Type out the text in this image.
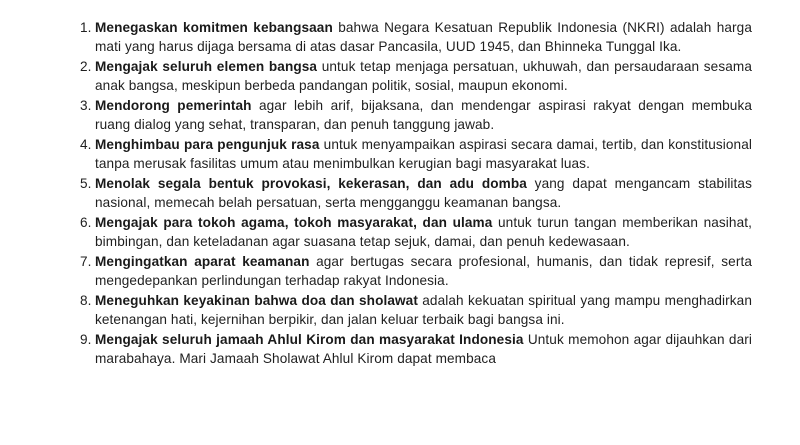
1. Menegaskan komitmen kebangsaan bahwa Negara Kesatuan Republik Indonesia (NKRI) adalah harga mati yang harus dijaga bersama di atas dasar Pancasila, UUD 1945, dan Bhinneka Tunggal Ika.
2. Mengajak seluruh elemen bangsa untuk tetap menjaga persatuan, ukhuwah, dan persaudaraan sesama anak bangsa, meskipun berbeda pandangan politik, sosial, maupun ekonomi.
3. Mendorong pemerintah agar lebih arif, bijaksana, dan mendengar aspirasi rakyat dengan membuka ruang dialog yang sehat, transparan, dan penuh tanggung jawab.
4. Menghimbau para pengunjuk rasa untuk menyampaikan aspirasi secara damai, tertib, dan konstitusional tanpa merusak fasilitas umum atau menimbulkan kerugian bagi masyarakat luas.
5. Menolak segala bentuk provokasi, kekerasan, dan adu domba yang dapat mengancam stabilitas nasional, memecah belah persatuan, serta mengganggu keamanan bangsa.
6. Mengajak para tokoh agama, tokoh masyarakat, dan ulama untuk turun tangan memberikan nasihat, bimbingan, dan keteladanan agar suasana tetap sejuk, damai, dan penuh kedewasaan.
7. Mengingatkan aparat keamanan agar bertugas secara profesional, humanis, dan tidak represif, serta mengedepankan perlindungan terhadap rakyat Indonesia.
8. Meneguhkan keyakinan bahwa doa dan sholawat adalah kekuatan spiritual yang mampu menghadirkan ketenangan hati, kejernihan berpikir, dan jalan keluar terbaik bagi bangsa ini.
9. Mengajak seluruh jamaah Ahlul Kirom dan masyarakat Indonesia Untuk memohon agar dijauhkan dari marabahaya. Mari Jamaah Sholawat Ahlul Kirom dapat membaca
